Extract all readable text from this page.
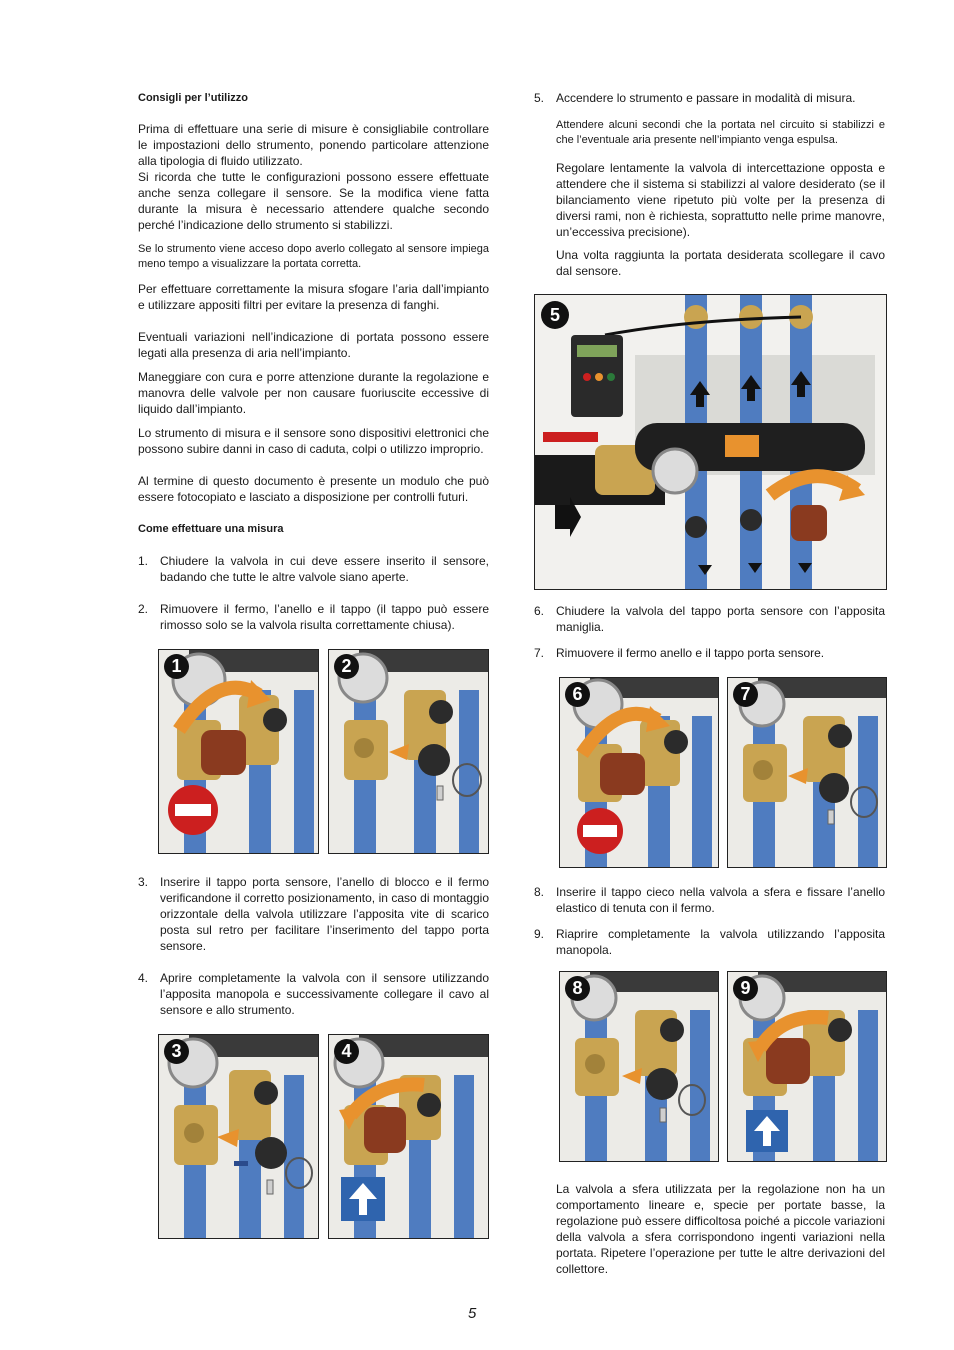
Consigli per l’utilizzo

Prima di effettuare una serie di misure è consigliabile controllare le impostazioni dello strumento, ponendo particolare attenzione alla tipologia di fluido utilizzato.

Si ricorda che tutte le configurazioni possono essere effettuate anche senza collegare il sensore. Se la modifica viene fatta durante la misura è necessario attendere qualche secondo perché l’indicazione dello strumento si stabilizzi.

Se lo strumento viene acceso dopo averlo collegato al sensore impiega meno tempo a visualizzare la portata corretta.

Per effettuare correttamente la misura sfogare l’aria dall’impianto e utilizzare appositi filtri per evitare la presenza di fanghi.

Eventuali variazioni nell’indicazione di portata possono essere legati alla presenza di aria nell’impianto.

Maneggiare con cura e porre attenzione durante la regolazione e manovra delle valvole per non causare fuoriuscite eccessive di liquido dall’impianto.

Lo strumento di misura e il sensore sono dispositivi elettronici che possono subire danni in caso di caduta, colpi o utilizzo improprio.

Al termine di questo documento è presente un modulo che può essere fotocopiato e lasciato a disposizione per controlli futuri.

Come effettuare una misura
1. Chiudere la valvola in cui deve essere inserito il sensore, badando che tutte le altre valvole siano aperte.

2. Rimuovere il fermo, l’anello e il tappo (il tappo può essere rimosso solo se la valvola risulta correttamente chiusa).

3. Inserire il tappo porta sensore, l’anello di blocco e il fermo verificandone il corretto posizionamento, in caso di montaggio orizzontale della valvola utilizzare l’apposita vite di scarico posta sul retro per facilitare l’inserimento del tappo porta sensore.

4. Aprire completamente la valvola con il sensore utilizzando l’apposita manopola e successivamente collegare il cavo al sensore e allo strumento.

5. Accendere lo strumento e passare in modalità di misura.

Attendere alcuni secondi che la portata nel circuito si stabilizzi e che l’eventuale aria presente nell’impianto venga espulsa.

Regolare lentamente la valvola di intercettazione opposta e attendere che il sistema si stabilizzi al valore desiderato (se il bilanciamento viene ripetuto più volte per la presenza di diversi rami, non è richiesta, soprattutto nelle prime manovre, un’eccessiva precisione).

Una volta raggiunta la portata desiderata scollegare il cavo dal sensore.

6. Chiudere la valvola del tappo porta sensore con l’apposita maniglia.

7. Rimuovere il fermo anello e il tappo porta sensore.

8. Inserire il tappo cieco nella valvola a sfera e fissare l’anello elastico di tenuta con il fermo.

9. Riaprire completamente la valvola utilizzando l’apposita manopola.

La valvola a sfera utilizzata per la regolazione non ha un comportamento lineare e, specie per portate basse, la regolazione può essere difficoltosa poiché a piccole variazioni della valvola a sfera corrispondono ingenti variazioni nella portata. Ripetere l’operazione per tutte le altre derivazioni del collettore.

1	2
3	4
5
6	7
8	9
5
